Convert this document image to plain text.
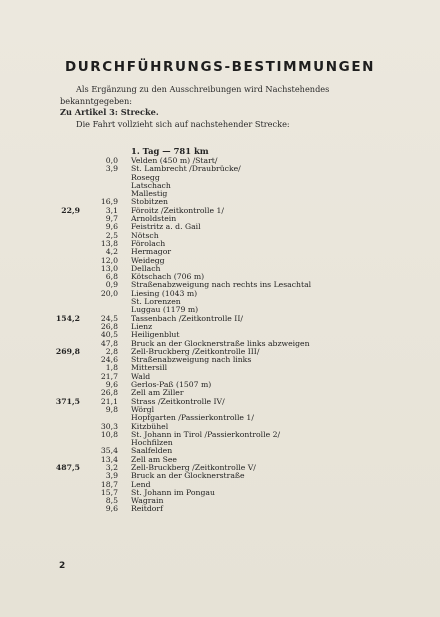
DURCHFÜHRUNGS-BESTIMMUNGEN

Als Ergänzung zu den Ausschreibungen wird Nachstehendes bekanntgegeben:

Zu Artikel 3: Strecke.

Die Fahrt vollzieht sich auf nachstehender Strecke:

1. Tag — 781 km
0,0 Velden (450 m) /Start/
3,9 St. Lambrecht /Draubrücke/
Rosegg
Latschach
Mallestig
16,9 Stobitzen
22,9	3,1 Föroitz /Zeitkontrolle 1/
9,7 Arnoldstein
9,6 Feistritz a. d. Gail
2,5 Nötsch
13,8 Förolach
4,2 Hermagor
12,0 Weidegg
13,0 Dellach
6,8 Kötschach (706 m)
0,9 Straßenabzweigung nach rechts ins Lesachtal
20,0 Liesing (1043 m)
St. Lorenzen
Luggau (1179 m)
154,2	24,5 Tassenbach /Zeitkontrolle II/
26,8 Lienz
40,5 Heiligenblut
47,8 Bruck an der Glocknerstraße links abzweigen
269,8	2,8 Zell-Bruckberg /Zeitkontrolle III/
24,6 Straßenabzweigung nach links
1,8 Mittersill
21,7 Wald
9,6 Gerlos-Paß (1507 m)
26,8 Zell am Ziller
371,5	21,1 Strass /Zeitkontrolle IV/
9,8 Wörgl
Hopfgarten /Passierkontrolle 1/
30,3 Kitzbühel
10,8 St. Johann in Tirol /Passierkontrolle 2/
Hochfilzen
35,4 Saalfelden
13,4 Zell am See
487,5	3,2 Zell-Bruckberg /Zeitkontrolle V/
3,9 Bruck an der Glocknerstraße
18,7 Lend
15,7 St. Johann im Pongau
8,5 Wagrain
9,6 Reitdorf
2
